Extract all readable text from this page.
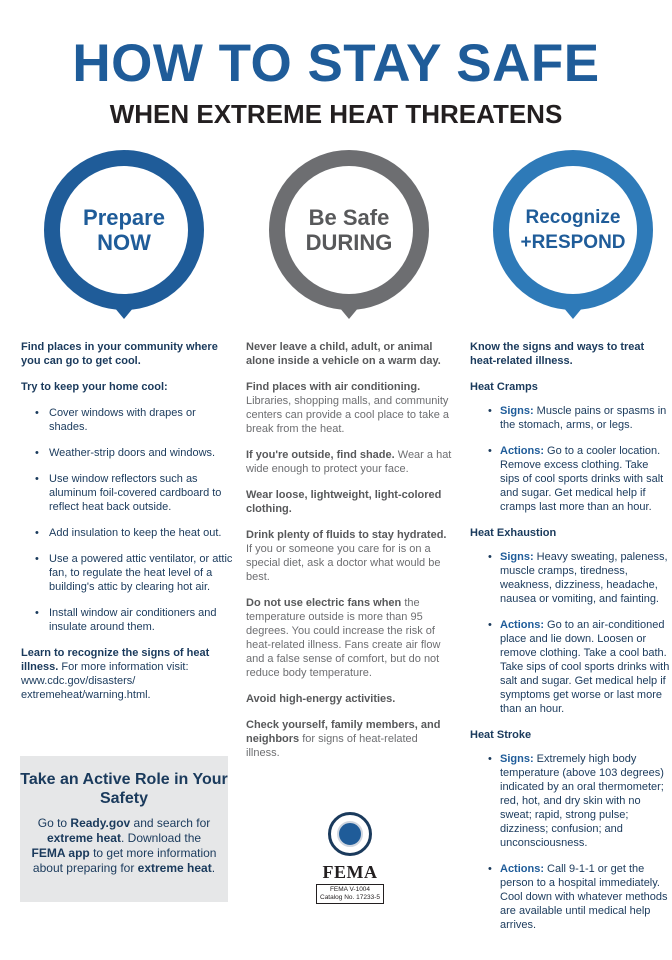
HOW TO STAY SAFE
WHEN EXTREME HEAT THREATENS
Prepare
NOW
Be Safe
DURING
Recognize
+RESPOND

Find places in your community where you can go to get cool.

Try to keep your home cool:

• Cover windows with drapes or shades.
• Weather-strip doors and windows.
• Use window reflectors such as aluminum foil-covered cardboard to reflect heat back outside.
• Add insulation to keep the heat out.
• Use a powered attic ventilator, or attic fan, to regulate the heat level of a building's attic by clearing hot air.
• Install window air conditioners and insulate around them.

Learn to recognize the signs of heat illness. For more information visit: www.cdc.gov/disasters/ extremeheat/warning.html.

Never leave a child, adult, or animal alone inside a vehicle on a warm day.

Find places with air conditioning. Libraries, shopping malls, and community centers can provide a cool place to take a break from the heat.

If you're outside, find shade. Wear a hat wide enough to protect your face.

Wear loose, lightweight, light-colored clothing.

Drink plenty of fluids to stay hydrated. If you or someone you care for is on a special diet, ask a doctor what would be best.

Do not use electric fans when the temperature outside is more than 95 degrees. You could increase the risk of heat-related illness. Fans create air flow and a false sense of comfort, but do not reduce body temperature.

Avoid high-energy activities.

Check yourself, family members, and neighbors for signs of heat-related illness.

Know the signs and ways to treat heat-related illness.

Heat Cramps
• Signs: Muscle pains or spasms in the stomach, arms, or legs.
• Actions: Go to a cooler location. Remove excess clothing. Take sips of cool sports drinks with salt and sugar. Get medical help if cramps last more than an hour.
Heat Exhaustion
• Signs: Heavy sweating, paleness, muscle cramps, tiredness, weakness, dizziness, headache, nausea or vomiting, and fainting.
• Actions: Go to an air-conditioned place and lie down. Loosen or remove clothing. Take a cool bath. Take sips of cool sports drinks with salt and sugar. Get medical help if symptoms get worse or last more than an hour.
Heat Stroke
• Signs: Extremely high body temperature (above 103 degrees) indicated by an oral thermometer; red, hot, and dry skin with no sweat; rapid, strong pulse; dizziness; confusion; and unconsciousness.
• Actions: Call 9-1-1 or get the person to a hospital immediately. Cool down with whatever methods are available until medical help arrives.
Take an Active Role in Your Safety
Go to Ready.gov and search for extreme heat. Download the FEMA app to get more information about preparing for extreme heat.	FEMA
FEMA V-1004
Catalog No. 17233-5
